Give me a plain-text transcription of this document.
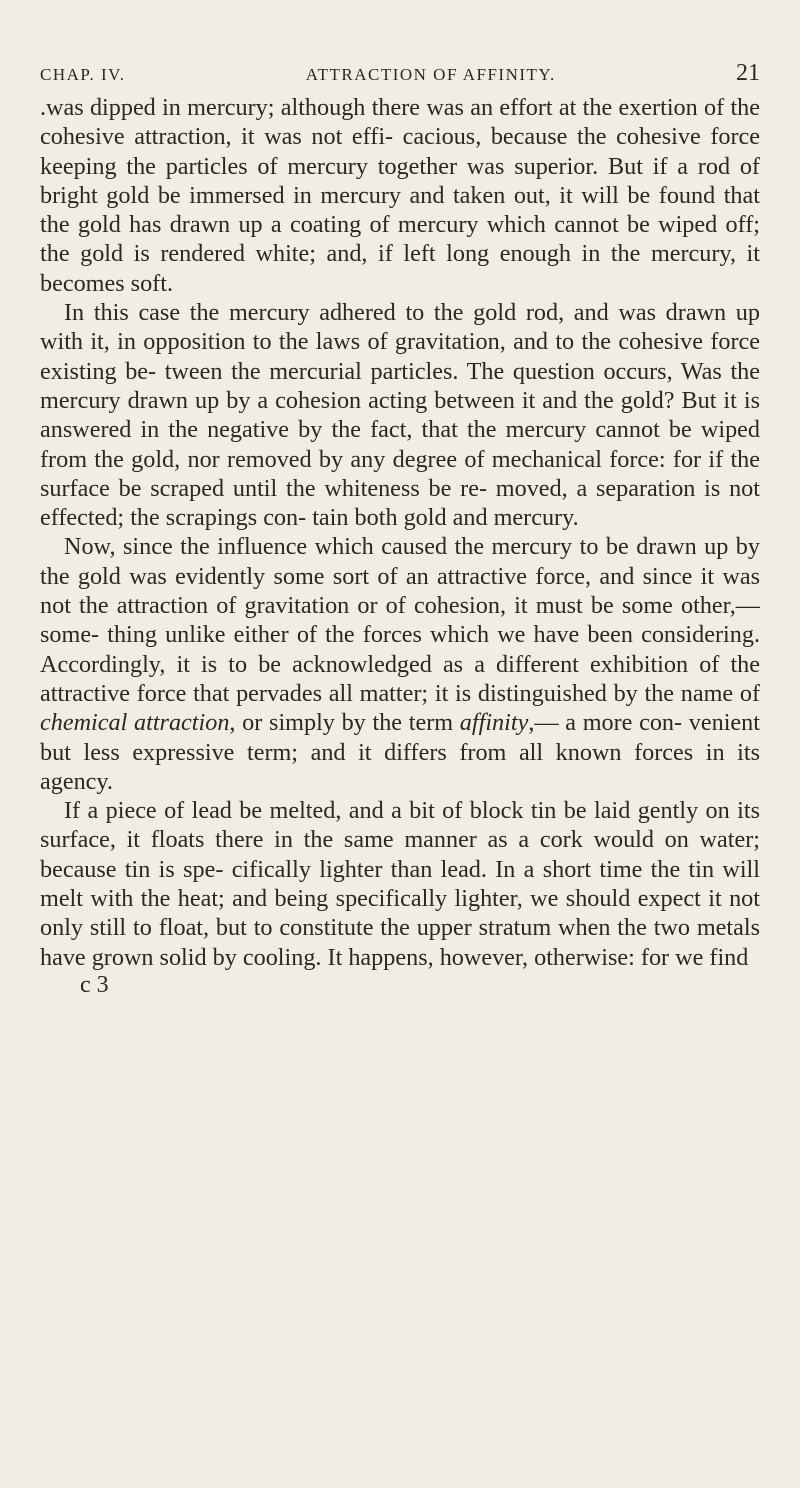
CHAP. IV.	ATTRACTION OF AFFINITY.	21

.was dipped in mercury; although there was an effort at the exertion of the cohesive attraction, it was not effi- cacious, because the cohesive force keeping the particles of mercury together was superior. But if a rod of bright gold be immersed in mercury and taken out, it will be found that the gold has drawn up a coating of mercury which cannot be wiped off; the gold is rendered white; and, if left long enough in the mercury, it becomes soft.

In this case the mercury adhered to the gold rod, and was drawn up with it, in opposition to the laws of gravitation, and to the cohesive force existing be- tween the mercurial particles. The question occurs, Was the mercury drawn up by a cohesion acting between it and the gold? But it is answered in the negative by the fact, that the mercury cannot be wiped from the gold, nor removed by any degree of mechanical force: for if the surface be scraped until the whiteness be re- moved, a separation is not effected; the scrapings con- tain both gold and mercury.

Now, since the influence which caused the mercury to be drawn up by the gold was evidently some sort of an attractive force, and since it was not the attraction of gravitation or of cohesion, it must be some other,—some- thing unlike either of the forces which we have been considering. Accordingly, it is to be acknowledged as a different exhibition of the attractive force that pervades all matter; it is distinguished by the name of chemical attraction, or simply by the term affinity,— a more con- venient but less expressive term; and it differs from all known forces in its agency.

If a piece of lead be melted, and a bit of block tin be laid gently on its surface, it floats there in the same manner as a cork would on water; because tin is spe- cifically lighter than lead. In a short time the tin will melt with the heat; and being specifically lighter, we should expect it not only still to float, but to constitute the upper stratum when the two metals have grown solid by cooling. It happens, however, otherwise: for we find

c 3
